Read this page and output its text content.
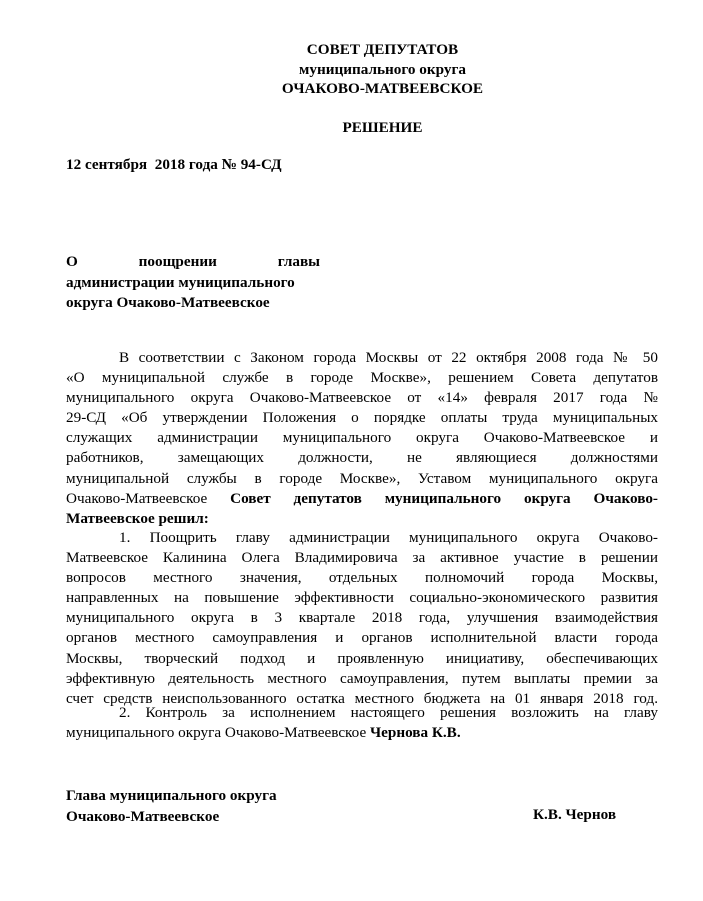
СОВЕТ ДЕПУТАТОВ
муниципального округа
ОЧАКОВО-МАТВЕЕВСКОЕ
РЕШЕНИЕ
12 сентября  2018 года № 94-СД
О поощрении главы
администрации муниципального
округа Очаково-Матвеевское
В соответствии с Законом города Москвы от 22 октября 2008 года № 50
«О муниципальной службе в городе Москве», решением Совета депутатов
муниципального округа Очаково-Матвеевское от «14» февраля 2017 года №
29-СД «Об утверждении Положения о порядке оплаты труда муниципальных
служащих администрации муниципального округа Очаково-Матвеевское и
работников, замещающих должности, не являющиеся должностями
муниципальной службы в городе Москве», Уставом муниципального округа
Очаково-Матвеевское Совет депутатов муниципального округа Очаково-
Матвеевское решил:
1. Поощрить главу администрации муниципального округа Очаково-
Матвеевское Калинина Олега Владимировича за активное участие в решении
вопросов местного значения, отдельных полномочий города Москвы,
направленных на повышение эффективности социально-экономического развития
муниципального округа в 3 квартале 2018 года, улучшения взаимодействия
органов местного самоуправления и органов исполнительной власти города
Москвы, творческий подход и проявленную инициативу, обеспечивающих
эффективную деятельность местного самоуправления, путем выплаты премии за
счет средств неиспользованного остатка местного бюджета на 01 января 2018 год.
2. Контроль за исполнением настоящего решения возложить на главу
муниципального округа Очаково-Матвеевское Чернова К.В.
Глава муниципального округа
Очаково-Матвеевское	К.В. Чернов
